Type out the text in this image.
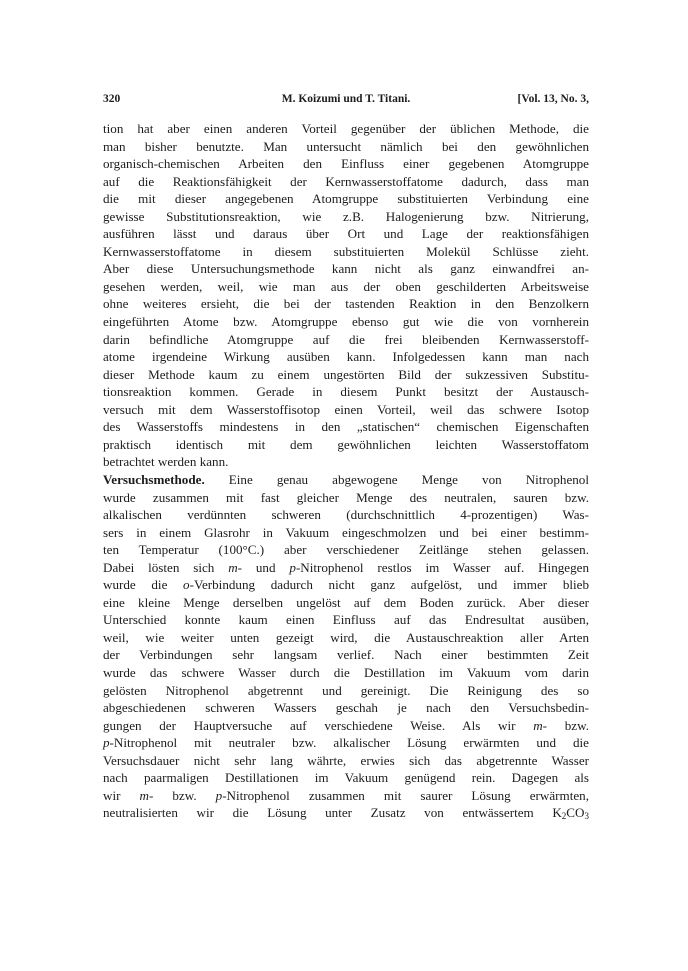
320	M. Koizumi und T. Titani.	[Vol. 13, No. 3,
tion hat aber einen anderen Vorteil gegenüber der üblichen Methode, die
man bisher benutzte. Man untersucht nämlich bei den gewöhnlichen
organisch-chemischen Arbeiten den Einfluss einer gegebenen Atomgruppe
auf die Reaktionsfähigkeit der Kernwasserstoffatome dadurch, dass man
die mit dieser angegebenen Atomgruppe substituierten Verbindung eine
gewisse Substitutionsreaktion, wie z.B. Halogenierung bzw. Nitrierung,
ausführen lässt und daraus über Ort und Lage der reaktionsfähigen
Kernwasserstoffatome in diesem substituierten Molekül Schlüsse zieht.
Aber diese Untersuchungsmethode kann nicht als ganz einwandfrei an-
gesehen werden, weil, wie man aus der oben geschilderten Arbeitsweise
ohne weiteres ersieht, die bei der tastenden Reaktion in den Benzolkern
eingeführten Atome bzw. Atomgruppe ebenso gut wie die von vornherein
darin befindliche Atomgruppe auf die frei bleibenden Kernwasserstoff-
atome irgendeine Wirkung ausüben kann. Infolgedessen kann man nach
dieser Methode kaum zu einem ungestörten Bild der sukzessiven Substitu-
tionsreaktion kommen. Gerade in diesem Punkt besitzt der Austausch-
versuch mit dem Wasserstoffisotop einen Vorteil, weil das schwere Isotop
des Wasserstoffs mindestens in den „statischen“ chemischen Eigenschaften
praktisch identisch mit dem gewöhnlichen leichten Wasserstoffatom
betrachtet werden kann.
Versuchsmethode. Eine genau abgewogene Menge von Nitrophenol
wurde zusammen mit fast gleicher Menge des neutralen, sauren bzw.
alkalischen verdünnten schweren (durchschnittlich 4-prozentigen) Was-
sers in einem Glasrohr in Vakuum eingeschmolzen und bei einer bestimm-
ten Temperatur (100°C.) aber verschiedener Zeitlänge stehen gelassen.
Dabei lösten sich m- und p-Nitrophenol restlos im Wasser auf. Hingegen
wurde die o-Verbindung dadurch nicht ganz aufgelöst, und immer blieb
eine kleine Menge derselben ungelöst auf dem Boden zurück. Aber dieser
Unterschied konnte kaum einen Einfluss auf das Endresultat ausüben,
weil, wie weiter unten gezeigt wird, die Austauschreaktion aller Arten
der Verbindungen sehr langsam verlief. Nach einer bestimmten Zeit
wurde das schwere Wasser durch die Destillation im Vakuum vom darin
gelösten Nitrophenol abgetrennt und gereinigt. Die Reinigung des so
abgeschiedenen schweren Wassers geschah je nach den Versuchsbedin-
gungen der Hauptversuche auf verschiedene Weise. Als wir m- bzw.
p-Nitrophenol mit neutraler bzw. alkalischer Lösung erwärmten und die
Versuchsdauer nicht sehr lang währte, erwies sich das abgetrennte Wasser
nach paarmaligen Destillationen im Vakuum genügend rein. Dagegen als
wir m- bzw. p-Nitrophenol zusammen mit saurer Lösung erwärmten,
neutralisierten wir die Lösung unter Zusatz von entwässertem $K_2CO_3$
